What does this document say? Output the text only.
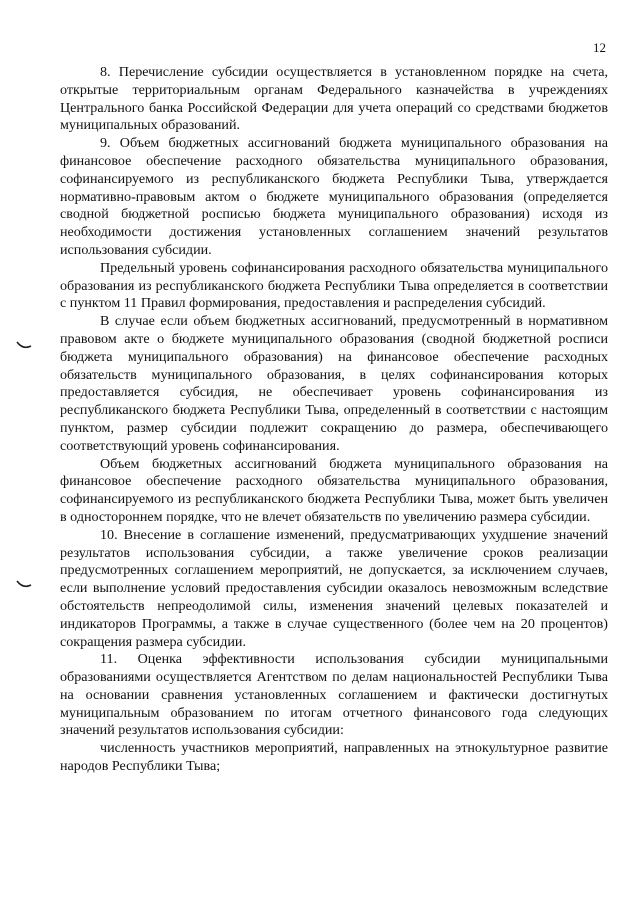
12

8. Перечисление субсидии осуществляется в установленном порядке на счета, открытые территориальным органам Федерального казначейства в учреждениях Центрального банка Российской Федерации для учета операций со средствами бюджетов муниципальных образований.

9. Объем бюджетных ассигнований бюджета муниципального образования на финансовое обеспечение расходного обязательства муниципального образования, софинансируемого из республиканского бюджета Республики Тыва, утверждается нормативно-правовым актом о бюджете муниципального образования (определяется сводной бюджетной росписью бюджета муниципального образования) исходя из необходимости достижения установленных соглашением значений результатов использования субсидии.

Предельный уровень софинансирования расходного обязательства муниципального образования из республиканского бюджета Республики Тыва определяется в соответствии с пунктом 11 Правил формирования, предоставления и распределения субсидий.

В случае если объем бюджетных ассигнований, предусмотренный в нормативном правовом акте о бюджете муниципального образования (сводной бюджетной росписи бюджета муниципального образования) на финансовое обеспечение расходных обязательств муниципального образования, в целях софинансирования которых предоставляется субсидия, не обеспечивает уровень софинансирования из республиканского бюджета Республики Тыва, определенный в соответствии с настоящим пунктом, размер субсидии подлежит сокращению до размера, обеспечивающего соответствующий уровень софинансирования.

Объем бюджетных ассигнований бюджета муниципального образования на финансовое обеспечение расходного обязательства муниципального образования, софинансируемого из республиканского бюджета Республики Тыва, может быть увеличен в одностороннем порядке, что не влечет обязательств по увеличению размера субсидии.

10. Внесение в соглашение изменений, предусматривающих ухудшение значений результатов использования субсидии, а также увеличение сроков реализации предусмотренных соглашением мероприятий, не допускается, за исключением случаев, если выполнение условий предоставления субсидии оказалось невозможным вследствие обстоятельств непреодолимой силы, изменения значений целевых показателей и индикаторов Программы, а также в случае существенного (более чем на 20 процентов) сокращения размера субсидии.

11. Оценка эффективности использования субсидии муниципальными образованиями осуществляется Агентством по делам национальностей Республики Тыва на основании сравнения установленных соглашением и фактически достигнутых муниципальным образованием по итогам отчетного финансового года следующих значений результатов использования субсидии:

численность участников мероприятий, направленных на этнокультурное развитие народов Республики Тыва;
